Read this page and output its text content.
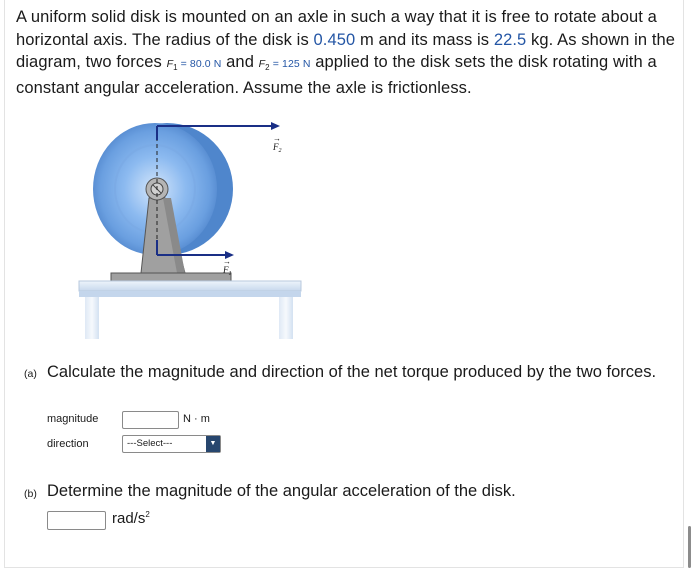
A uniform solid disk is mounted on an axle in such a way that it is free to rotate about a horizontal axis. The radius of the disk is 0.450 m and its mass is 22.5 kg. As shown in the diagram, two forces $F_1 = 80.0$ N and $F_2 = 125$ N applied to the disk sets the disk rotating with a constant angular acceleration. Assume the axle is frictionless.
$F_2$
→
$F_1$
→
(a) Calculate the magnitude and direction of the net torque produced by the two forces.
magnitude	N · m
direction	---Select---	▼
(b) Determine the magnitude of the angular acceleration of the disk.
rad/$s^2$
